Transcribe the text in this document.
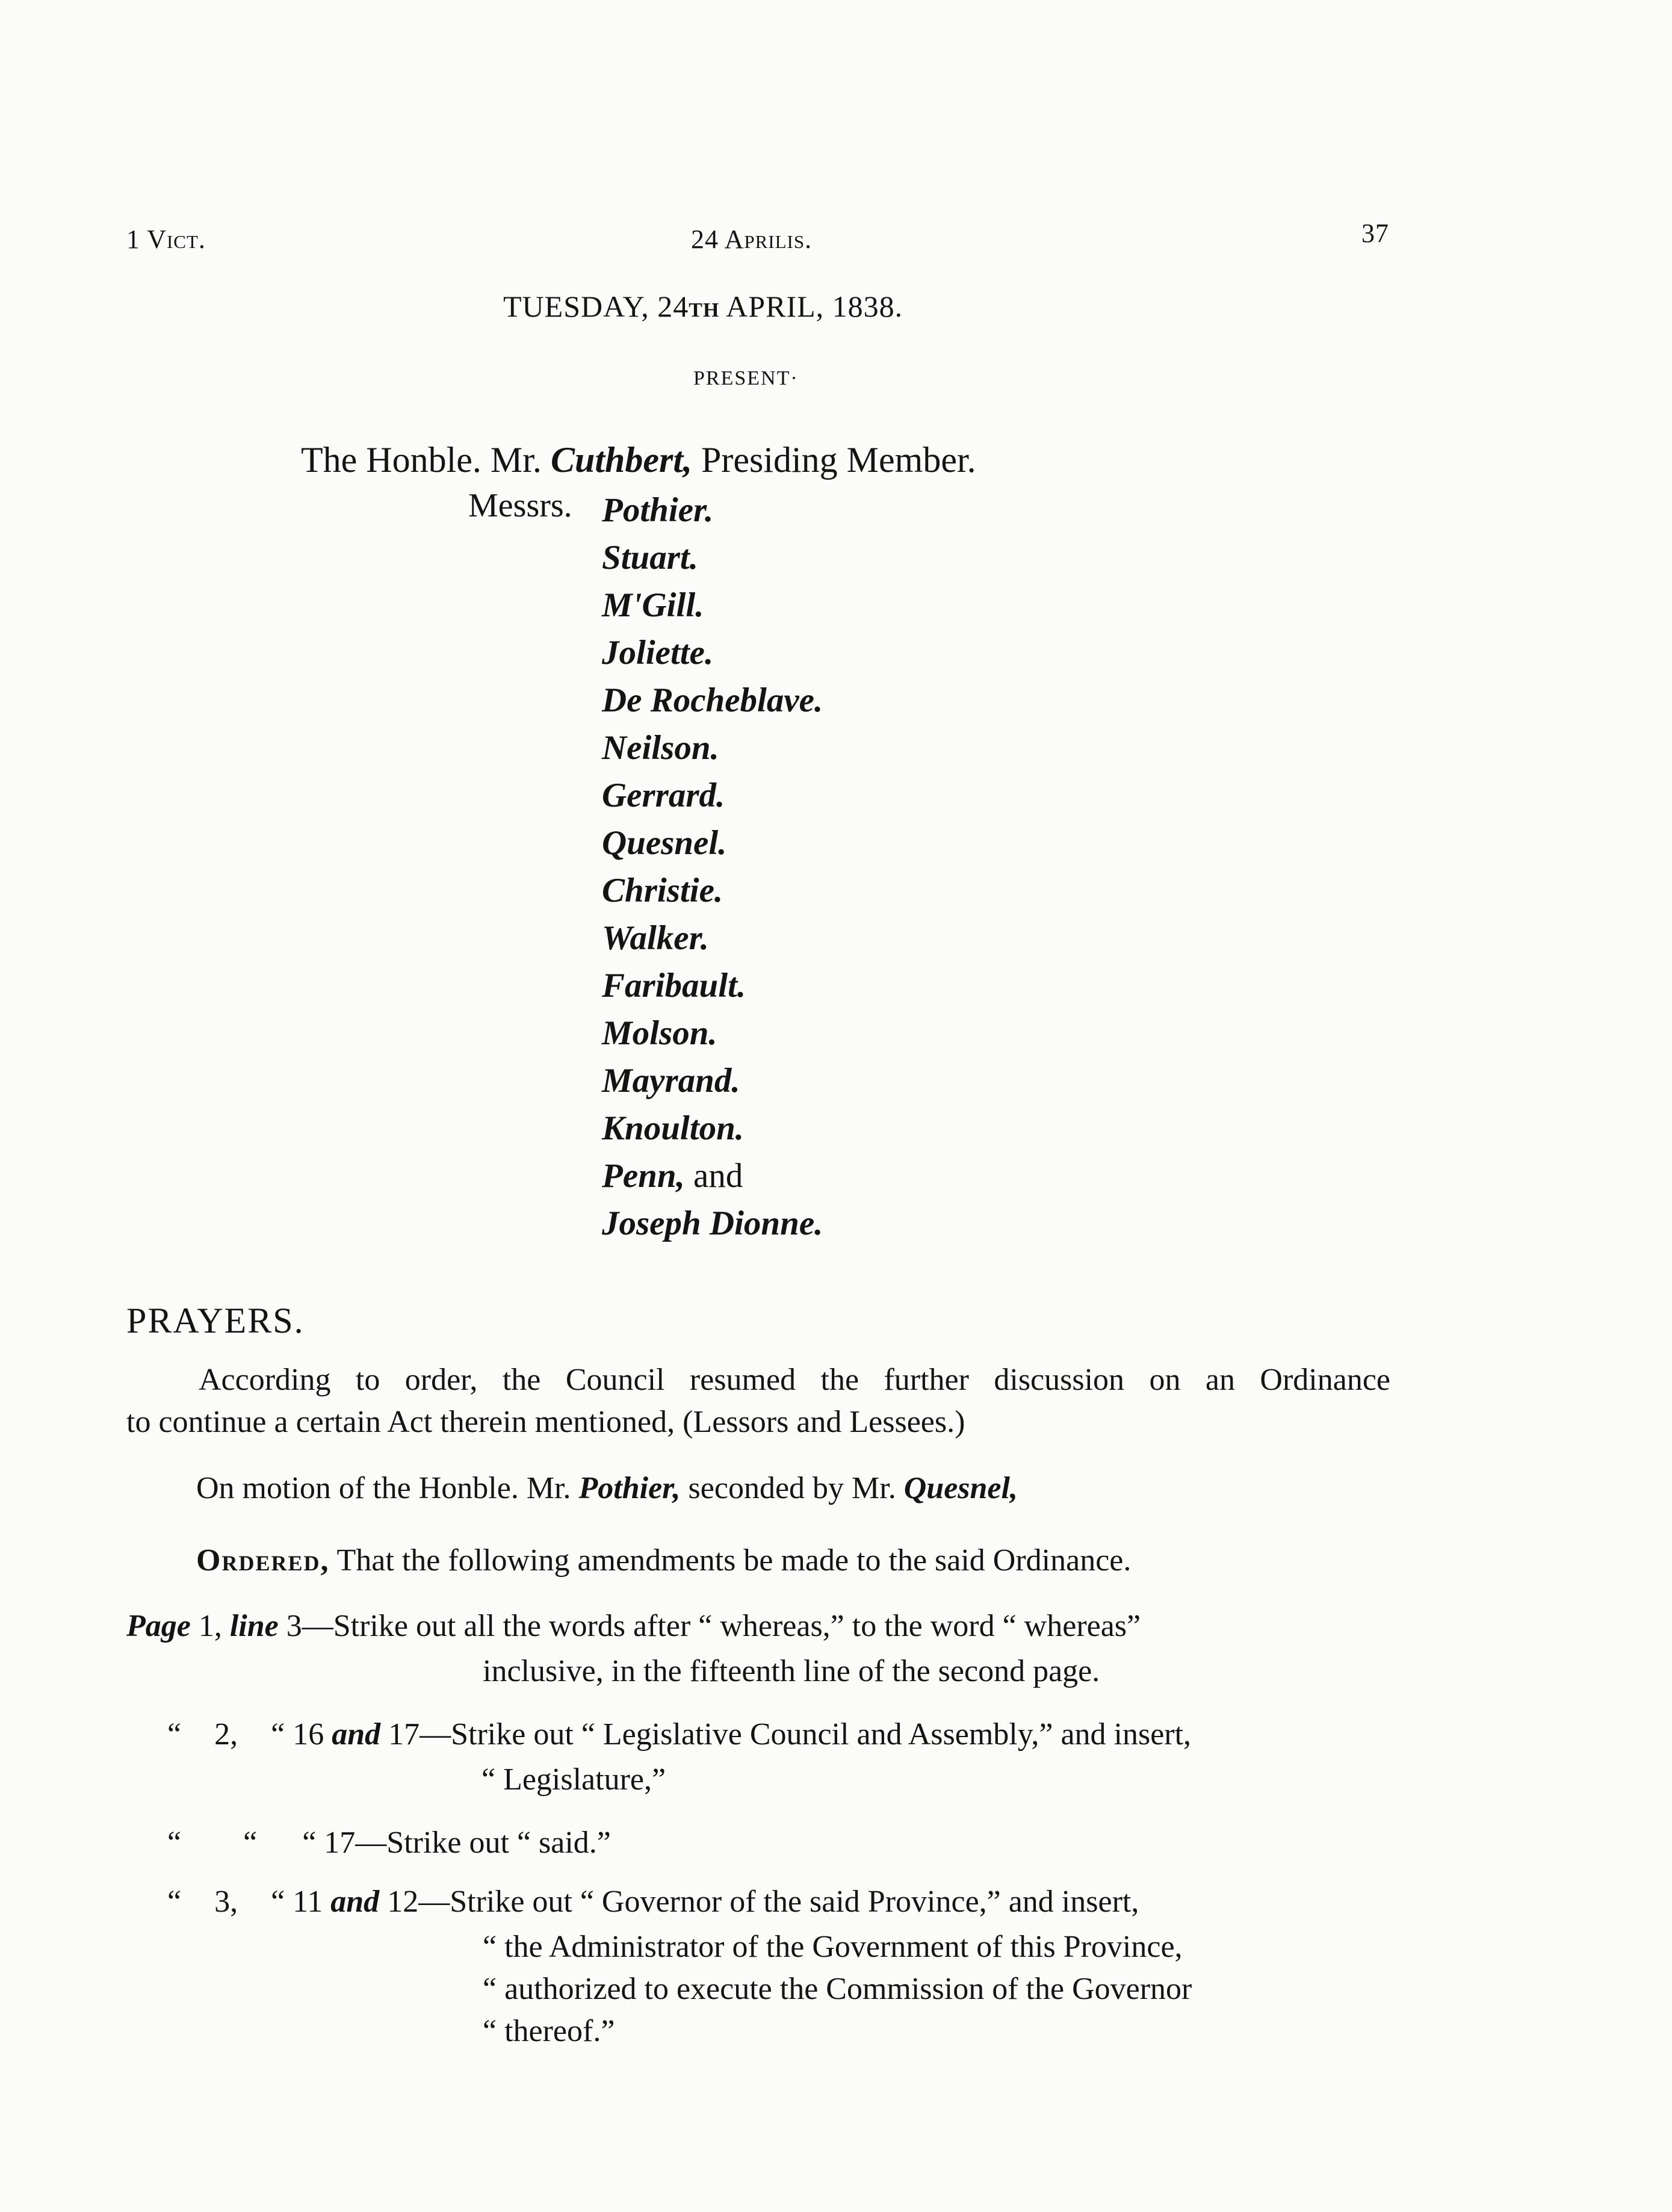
1 Vict.	24 Aprilis.	37
TUESDAY, 24TH APRIL, 1838.
PRESENT·
The Honble. Mr. Cuthbert, Presiding Member.
Messrs. Pothier.
Stuart.
M'Gill.
Joliette.
De Rocheblave.
Neilson.
Gerrard.
Quesnel.
Christie.
Walker.
Faribault.
Molson.
Mayrand.
Knoulton.
Penn, and
Joseph Dionne.
PRAYERS.
According to order, the Council resumed the further discussion on an Ordinance
to continue a certain Act therein mentioned, (Lessors and Lessees.)
On motion of the Honble. Mr. Pothier, seconded by Mr. Quesnel,
Ordered, That the following amendments be made to the said Ordinance.
Page 1, line 3—Strike out all the words after “ whereas,” to the word “ whereas”
inclusive, in the fifteenth line of the second page.
“ 2, “ 16 and 17—Strike out “ Legislative Council and Assembly,” and insert,
“ Legislature,”
“ “ “ 17—Strike out “ said.”
“ 3, “ 11 and 12—Strike out “ Governor of the said Province,” and insert,
“ the Administrator of the Government of this Province,
“ authorized to execute the Commission of the Governor
“ thereof.”
